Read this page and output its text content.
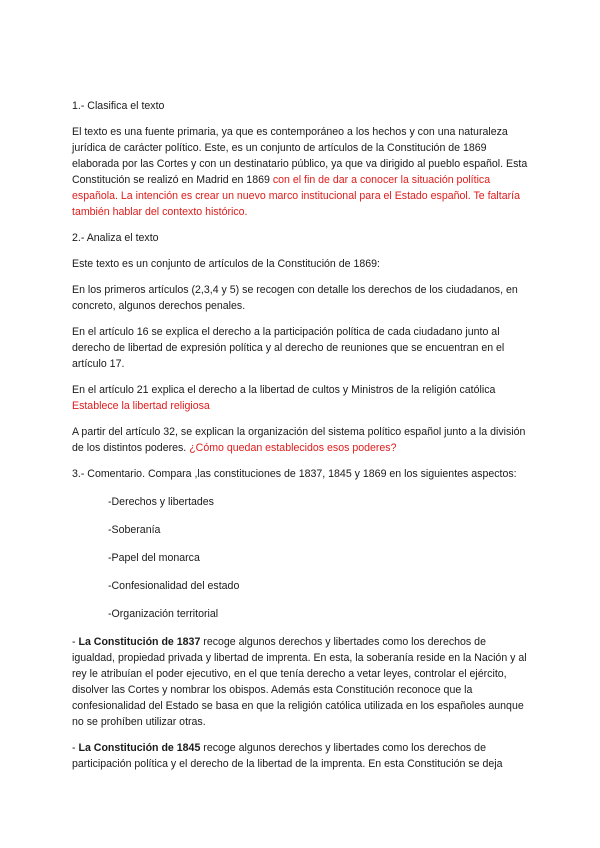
1.- Clasifica el texto

El texto es una fuente primaria, ya que es contemporáneo a los hechos y con una naturaleza jurídica de carácter político. Este, es un conjunto de artículos de la Constitución de 1869 elaborada por las Cortes y con un destinatario público, ya que va dirigido al pueblo español. Esta Constitución se realizó en Madrid en 1869 con el fin de dar a conocer la situación política española. La intención es crear un nuevo marco institucional para el Estado español. Te faltaría también hablar del contexto histórico.

2.- Analiza el texto

Este texto es un conjunto de artículos de la Constitución de 1869:

En los primeros artículos (2,3,4 y 5) se recogen con detalle los derechos de los ciudadanos, en concreto, algunos derechos penales.

En el artículo 16 se explica el derecho a la participación política de cada ciudadano junto al derecho de libertad de expresión política y al derecho de reuniones que se encuentran en el artículo 17.

En el artículo 21 explica el derecho a la libertad de cultos y Ministros de la religión católica
Establece la libertad religiosa

A partir del artículo 32, se explican la organización del sistema político español junto a la división de los distintos poderes. ¿Cómo quedan establecidos esos poderes?

3.- Comentario. Compara ,las constituciones de 1837, 1845 y 1869 en los siguientes aspectos:

-Derechos y libertades

-Soberanía

-Papel del monarca

-Confesionalidad del estado

-Organización territorial

- La Constitución de 1837 recoge algunos derechos y libertades como los derechos de igualdad, propiedad privada y libertad de imprenta. En esta, la soberanía reside en la Nación y al rey le atribuían el poder ejecutivo, en el que tenía derecho a vetar leyes, controlar el ejército, disolver las Cortes y nombrar los obispos. Además esta Constitución reconoce que la confesionalidad del Estado se basa en que la religión católica utilizada en los españoles aunque no se prohíben utilizar otras.

- La Constitución de 1845 recoge algunos derechos y libertades como los derechos de participación política y el derecho de la libertad de la imprenta. En esta Constitución se deja
